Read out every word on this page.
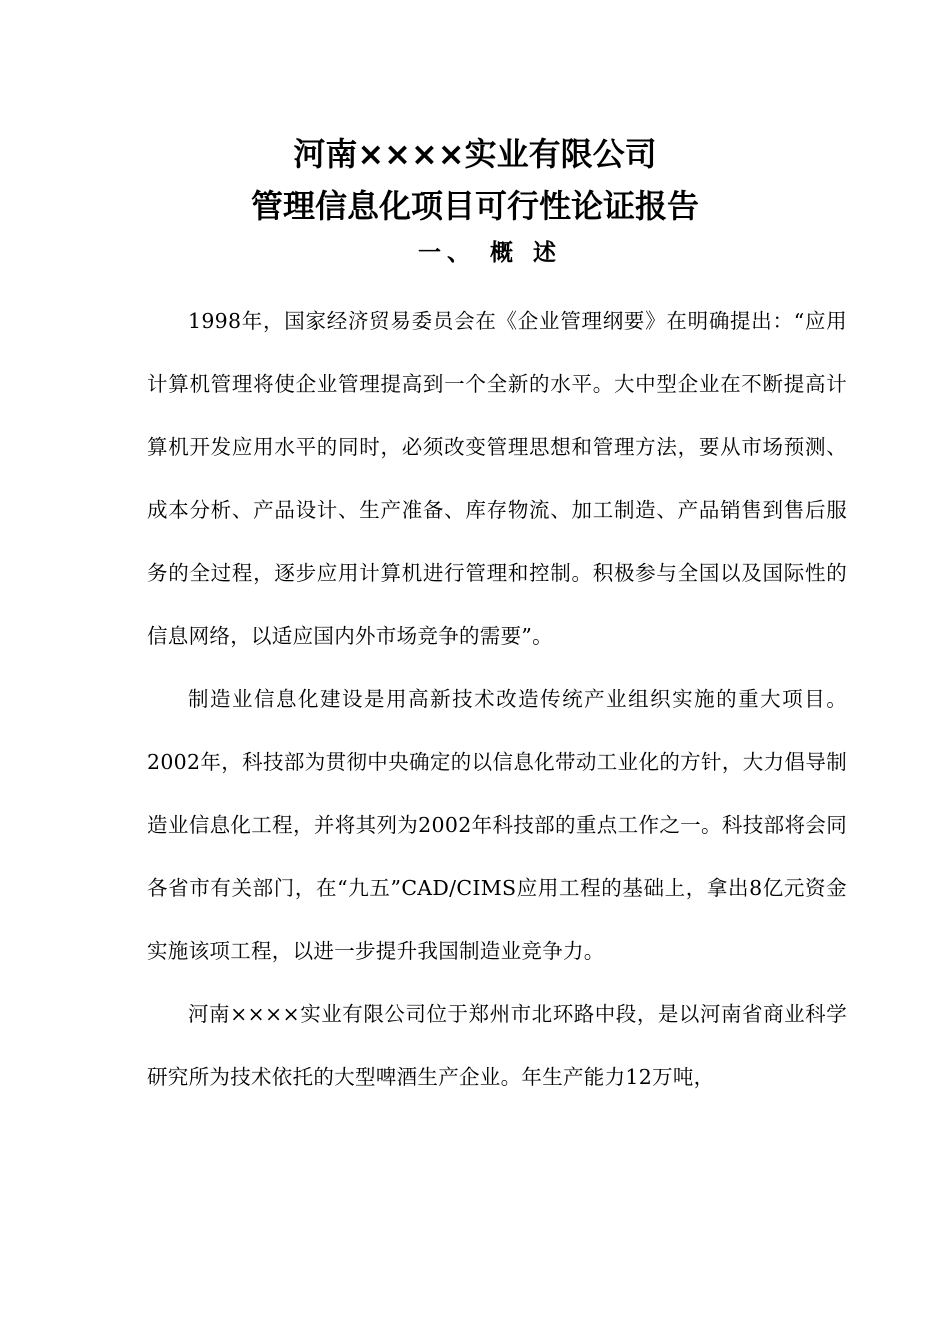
河南××××实业有限公司
管理信息化项目可行性论证报告
一、 概 述

1998年，国家经济贸易委员会在《企业管理纲要》在明确提出：“应用计算机管理将使企业管理提高到一个全新的水平。大中型企业在不断提高计算机开发应用水平的同时，必须改变管理思想和管理方法，要从市场预测、成本分析、产品设计、生产准备、库存物流、加工制造、产品销售到售后服务的全过程，逐步应用计算机进行管理和控制。积极参与全国以及国际性的信息网络，以适应国内外市场竞争的需要”。

制造业信息化建设是用高新技术改造传统产业组织实施的重大项目。2002年，科技部为贯彻中央确定的以信息化带动工业化的方针，大力倡导制造业信息化工程，并将其列为2002年科技部的重点工作之一。科技部将会同各省市有关部门，在“九五”CAD/CIMS应用工程的基础上，拿出8亿元资金实施该项工程，以进一步提升我国制造业竞争力。

河南××××实业有限公司位于郑州市北环路中段，是以河南省商业科学研究所为技术依托的大型啤酒生产企业。年生产能力12万吨，
